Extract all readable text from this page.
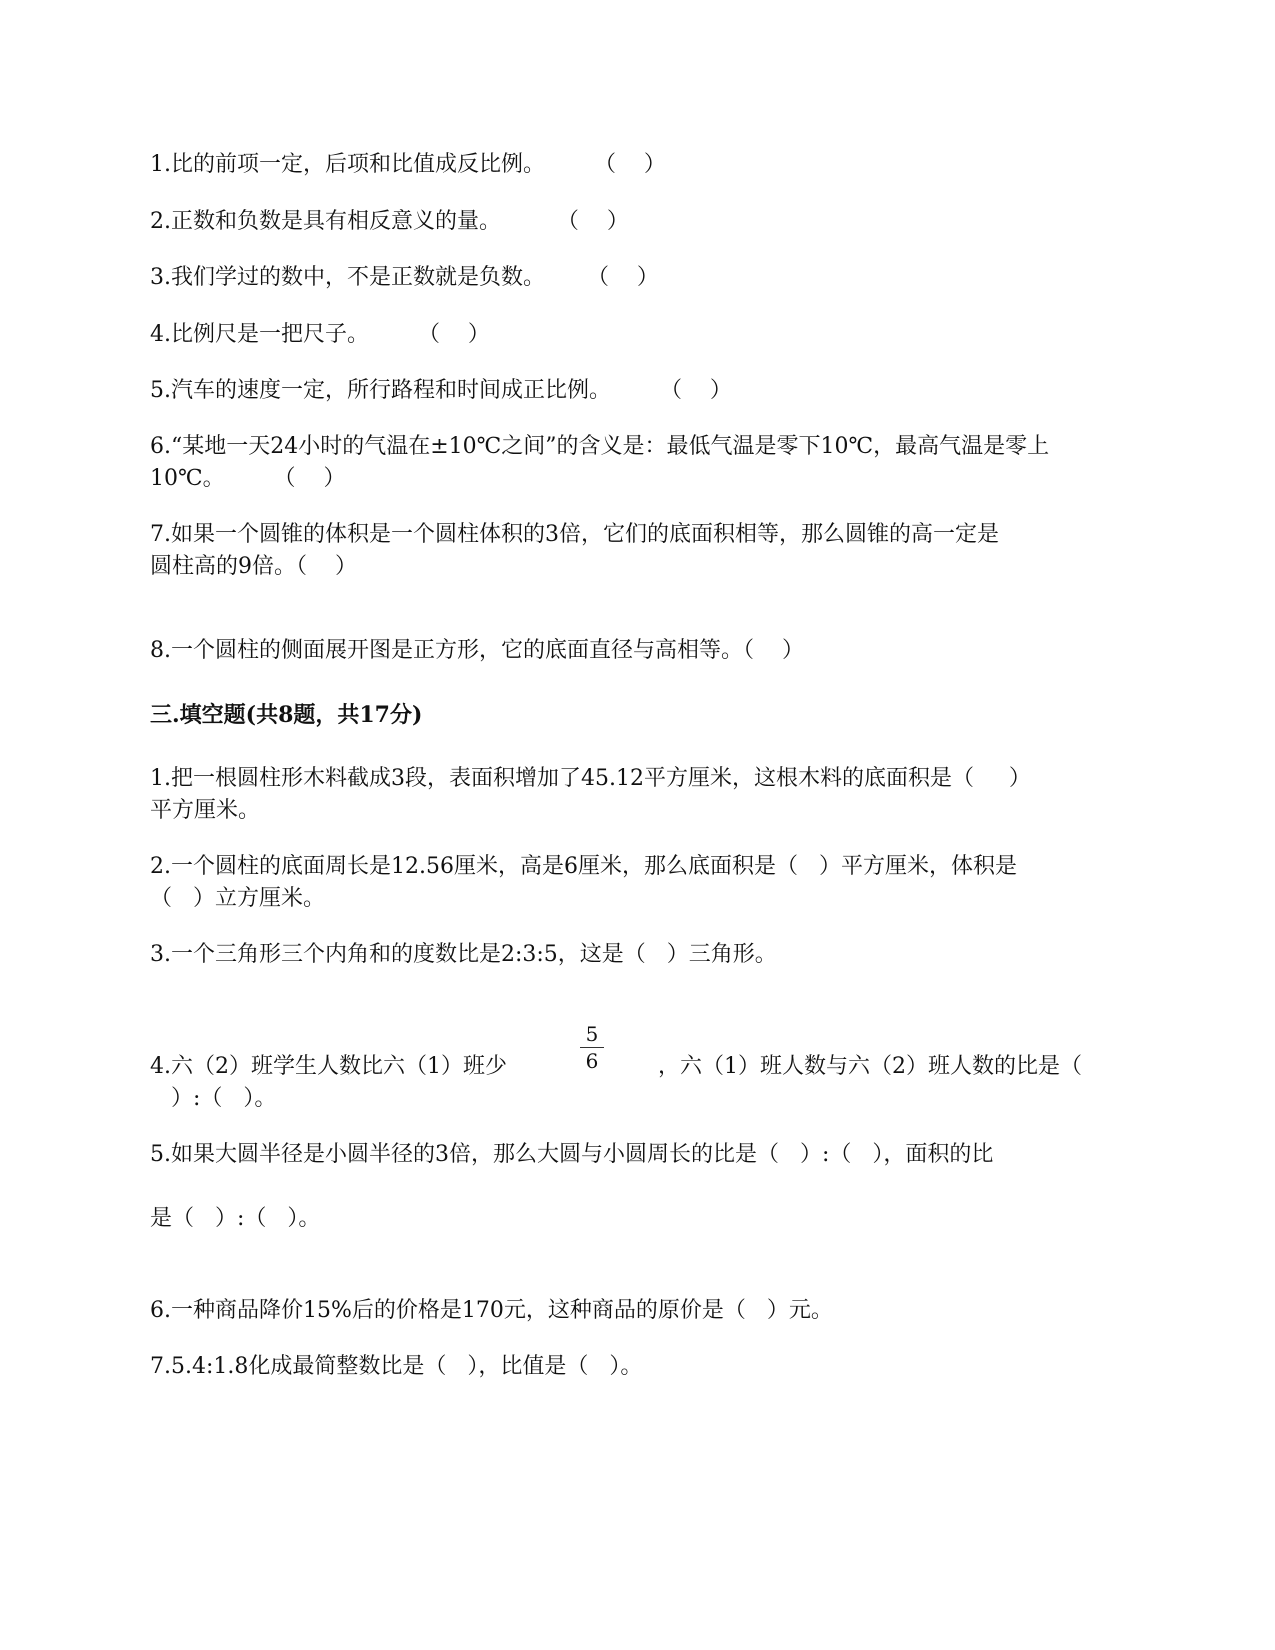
1.比的前项一定，后项和比值成反比例。       （    ）
2.正数和负数是具有相反意义的量。        （    ）
3.我们学过的数中，不是正数就是负数。      （    ）
4.比例尺是一把尺子。       （    ）
5.汽车的速度一定，所行路程和时间成正比例。       （    ）
6.“某地一天24小时的气温在±10℃之间”的含义是：最低气温是零下10℃，最高气温是零上
10℃。       （    ）
7.如果一个圆锥的体积是一个圆柱体积的3倍，它们的底面积相等，那么圆锥的高一定是
圆柱高的9倍。（    ）
8.一个圆柱的侧面展开图是正方形，它的底面直径与高相等。（    ）
三.填空题(共8题，共17分)
1.把一根圆柱形木料截成3段，表面积增加了45.12平方厘米，这根木料的底面积是（     ）
平方厘米。
2.一个圆柱的底面周长是12.56厘米，高是6厘米，那么底面积是（   ）平方厘米，体积是
（   ）立方厘米。
3.一个三角形三个内角和的度数比是2:3:5，这是（   ）三角形。
4.六（2）班学生人数比六（1）班少
5
6	，六（1）班人数与六（2）班人数的比是（
）:（   ）。
5.如果大圆半径是小圆半径的3倍，那么大圆与小圆周长的比是（   ）:（   ），面积的比
是（   ）:（   ）。
6.一种商品降价15%后的价格是170元，这种商品的原价是（   ）元。
7.5.4:1.8化成最简整数比是（   ），比值是（   ）。
